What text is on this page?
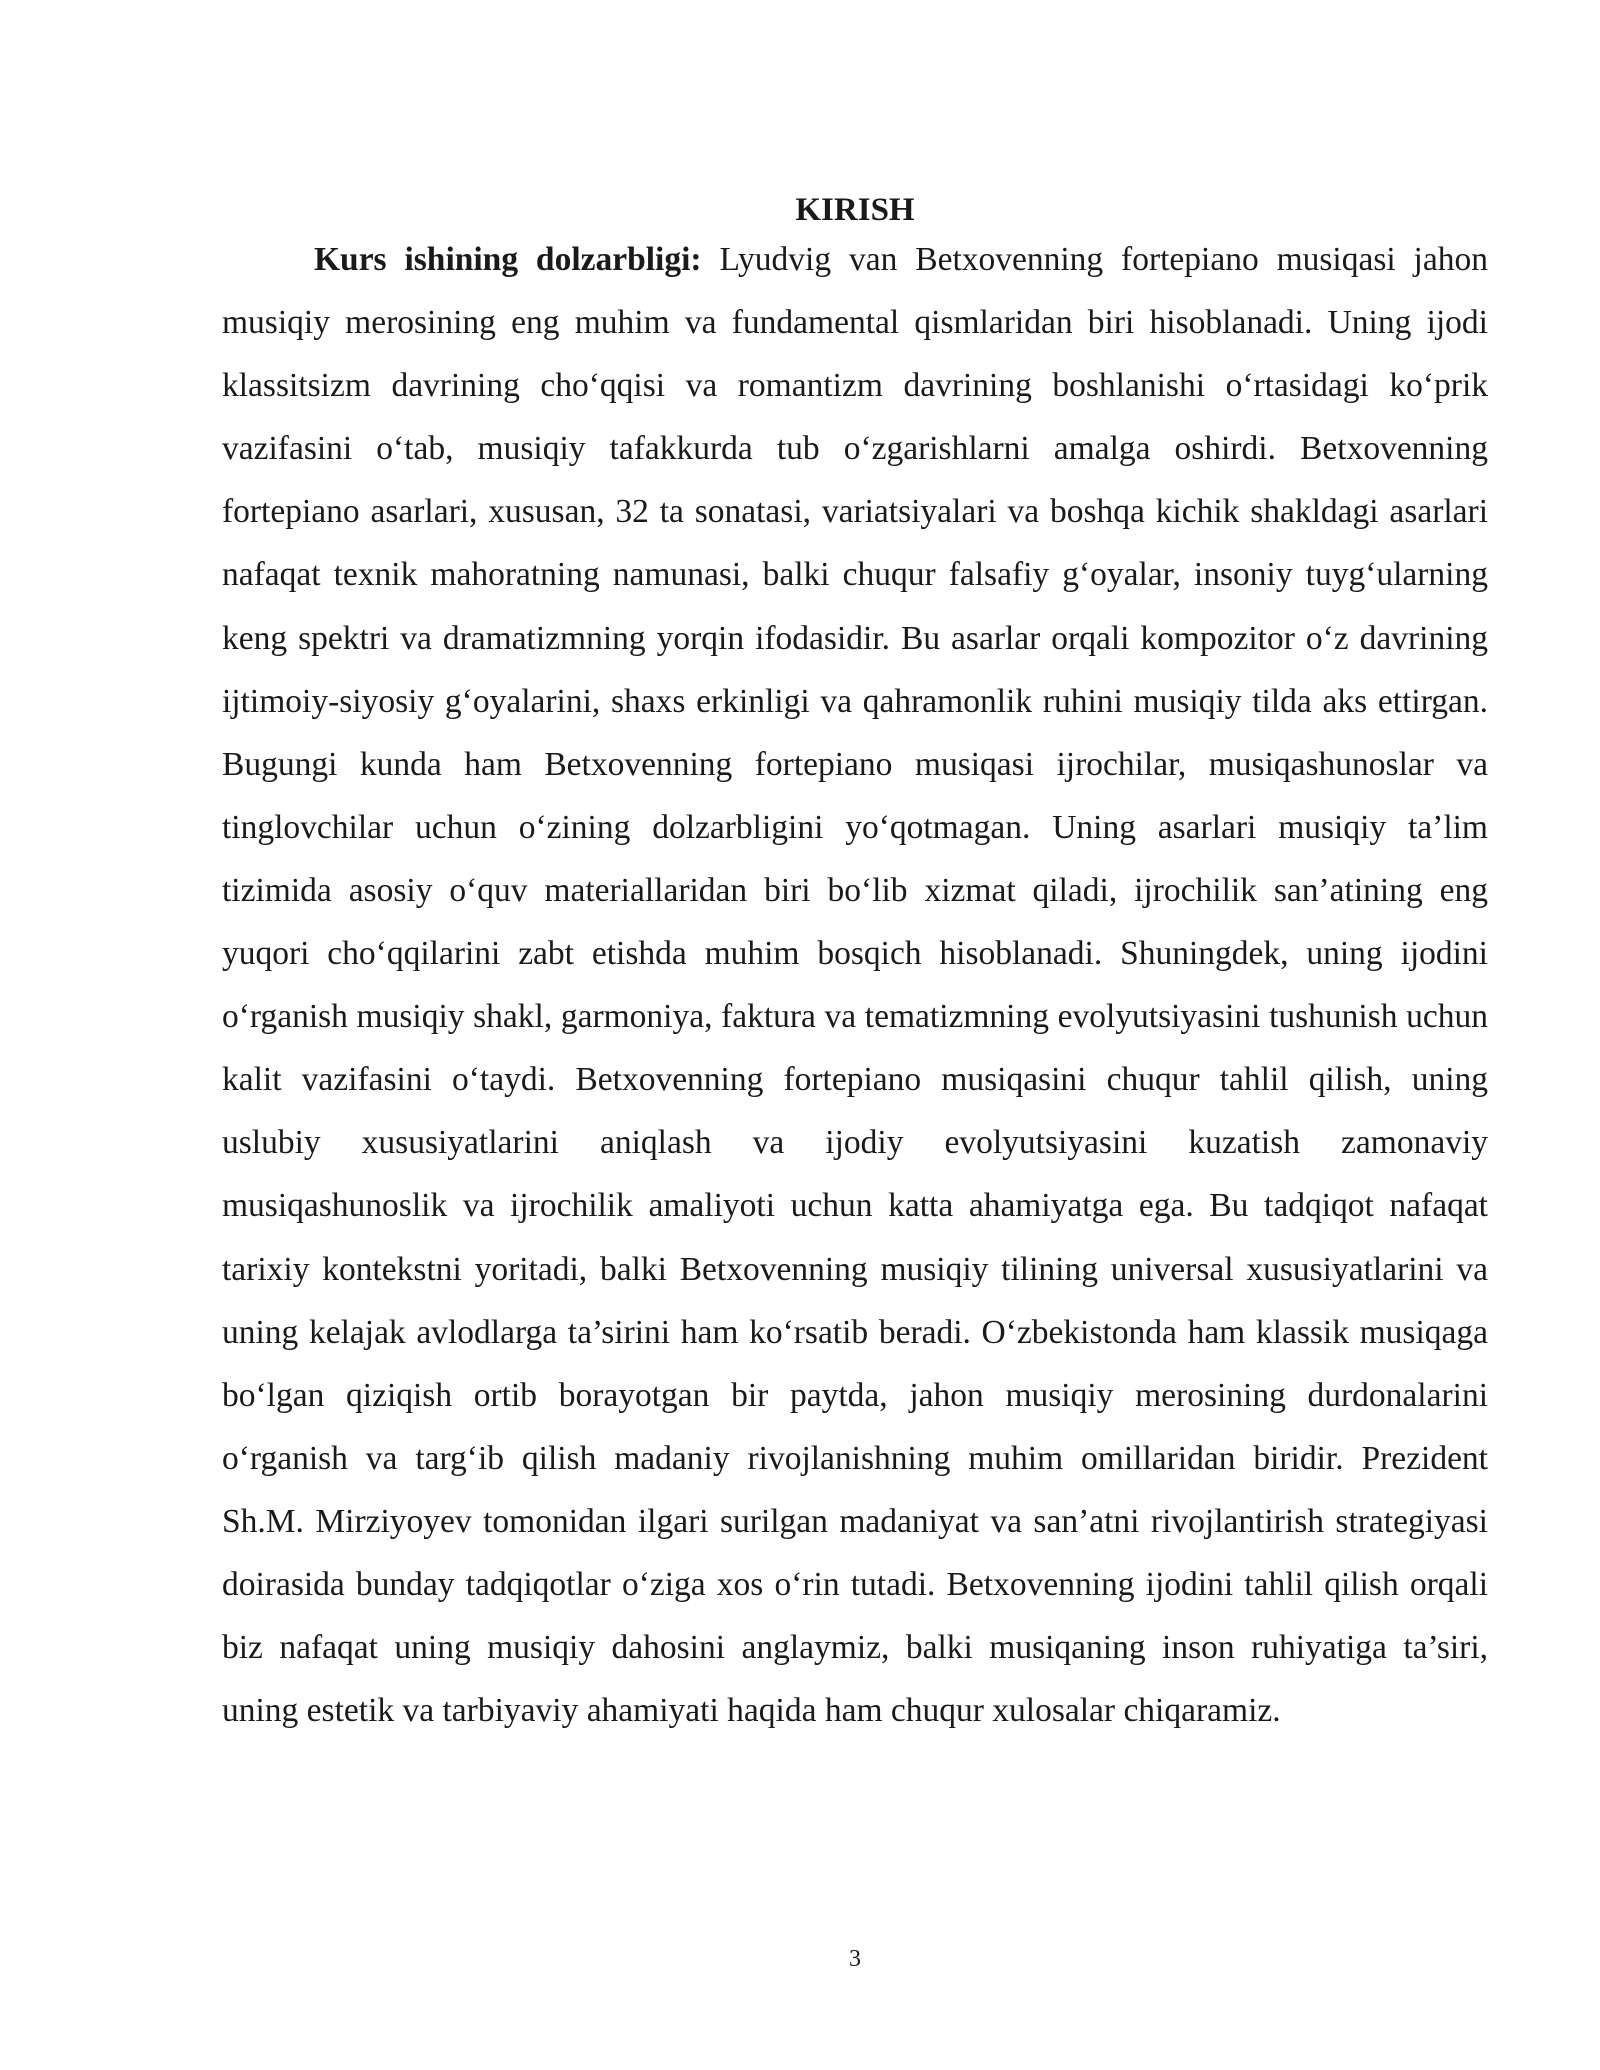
KIRISH

Kurs ishining dolzarbligi: Lyudvig van Betxovenning fortepiano musiqasi jahon musiqiy merosining eng muhim va fundamental qismlaridan biri hisoblanadi. Uning ijodi klassitsizm davrining cho‘qqisi va romantizm davrining boshlanishi o‘rtasidagi ko‘prik vazifasini o‘tab, musiqiy tafakkurda tub o‘zgarishlarni amalga oshirdi. Betxovenning fortepiano asarlari, xususan, 32 ta sonatasi, variatsiyalari va boshqa kichik shakldagi asarlari nafaqat texnik mahoratning namunasi, balki chuqur falsafiy g‘oyalar, insoniy tuyg‘ularning keng spektri va dramatizmning yorqin ifodasidir. Bu asarlar orqali kompozitor o‘z davrining ijtimoiy-siyosiy g‘oyalarini, shaxs erkinligi va qahramonlik ruhini musiqiy tilda aks ettirgan. Bugungi kunda ham Betxovenning fortepiano musiqasi ijrochilar, musiqashunoslar va tinglovchilar uchun o‘zining dolzarbligini yo‘qotmagan. Uning asarlari musiqiy ta’lim tizimida asosiy o‘quv materiallaridan biri bo‘lib xizmat qiladi, ijrochilik san’atining eng yuqori cho‘qqilarini zabt etishda muhim bosqich hisoblanadi. Shuningdek, uning ijodini o‘rganish musiqiy shakl, garmoniya, faktura va tematizmning evolyutsiyasini tushunish uchun kalit vazifasini o‘taydi. Betxovenning fortepiano musiqasini chuqur tahlil qilish, uning uslubiy xususiyatlarini aniqlash va ijodiy evolyutsiyasini kuzatish zamonaviy musiqashunoslik va ijrochilik amaliyoti uchun katta ahamiyatga ega. Bu tadqiqot nafaqat tarixiy kontekstni yoritadi, balki Betxovenning musiqiy tilining universal xususiyatlarini va uning kelajak avlodlarga ta’sirini ham ko‘rsatib beradi. O‘zbekistonda ham klassik musiqaga bo‘lgan qiziqish ortib borayotgan bir paytda, jahon musiqiy merosining durdonalarini o‘rganish va targ‘ib qilish madaniy rivojlanishning muhim omillaridan biridir. Prezident Sh.M. Mirziyoyev tomonidan ilgari surilgan madaniyat va san’atni rivojlantirish strategiyasi doirasida bunday tadqiqotlar o‘ziga xos o‘rin tutadi. Betxovenning ijodini tahlil qilish orqali biz nafaqat uning musiqiy dahosini anglaymiz, balki musiqaning inson ruhiyatiga ta’siri, uning estetik va tarbiyaviy ahamiyati haqida ham chuqur xulosalar chiqaramiz.

3
